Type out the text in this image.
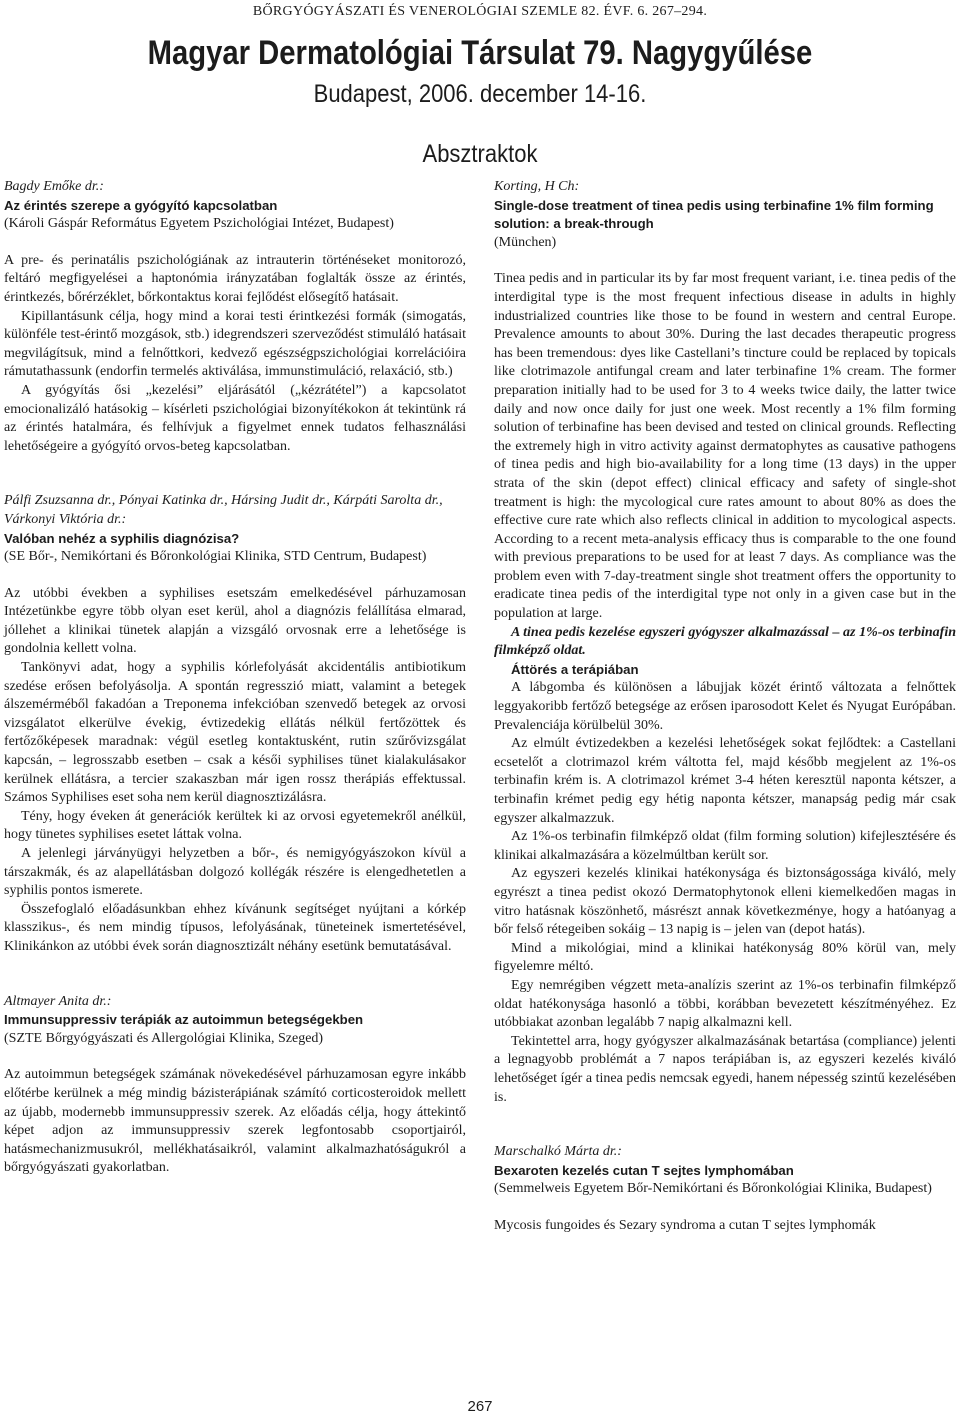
BŐRGYÓGYÁSZATI ÉS VENEROLÓGIAI SZEMLE 82. ÉVF. 6. 267–294.
Magyar Dermatológiai Társulat 79. Nagygyűlése
Budapest, 2006. december 14-16.
Absztraktok
Bagdy Emőke dr.:
Az érintés szerepe a gyógyító kapcsolatban
(Károli Gáspár Református Egyetem Pszichológiai Intézet, Budapest)

A pre- és perinatális pszichológiának az intrauterin történéseket monitorozó, feltáró megfigyelései a haptonómia irányzatában foglalták össze az érintés, érintkezés, bőrérzéklet, bőrkontaktus korai fejlődést elősegítő hatásait.

Kipillantásunk célja, hogy mind a korai testi érintkezési formák (simogatás, különféle test-érintő mozgások, stb.) idegrendszeri szerveződést stimuláló hatásait megvilágítsuk, mind a felnőttkori, kedvező egészségpszichológiai korrelációira rámutathassunk (endorfin termelés aktiválása, immunstimuláció, relaxáció, stb.)

A gyógyítás ősi „kezelési” eljárásától („kézrátétel”) a kapcsolatot emocionalizáló hatásokig – kísérleti pszichológiai bizonyítékokon át tekintünk rá az érintés hatalmára, és felhívjuk a figyelmet ennek tudatos felhasználási lehetőségeire a gyógyító orvos-beteg kapcsolatban.

Pálfi Zsuzsanna dr., Pónyai Katinka dr., Hársing Judit dr., Kárpáti Sarolta dr., Várkonyi Viktória dr.:
Valóban nehéz a syphilis diagnózisa?
(SE Bőr-, Nemikórtani és Bőronkológiai Klinika, STD Centrum, Budapest)

Az utóbbi években a syphilises esetszám emelkedésével párhuzamosan Intézetünkbe egyre több olyan eset kerül, ahol a diagnózis felállítása elmarad, jóllehet a klinikai tünetek alapján a vizsgáló orvosnak erre a lehetősége is gondolnia kellett volna.

Tankönyvi adat, hogy a syphilis kórlefolyását akcidentális antibiotikum szedése erősen befolyásolja. A spontán regresszió miatt, valamint a betegek álszemérméből fakadóan a Treponema infekcióban szenvedő betegek az orvosi vizsgálatot elkerülve évekig, évtizedekig ellátás nélkül fertőzöttek és fertőzőképesek maradnak: végül esetleg kontaktusként, rutin szűrővizsgálat kapcsán, – legrosszabb esetben – csak a késői syphilises tünet kialakulásakor kerülnek ellátásra, a tercier szakaszban már igen rossz therápiás effektussal. Számos Syphilises eset soha nem kerül diagnosztizálásra.

Tény, hogy éveken át generációk kerültek ki az orvosi egyetemekről anélkül, hogy tünetes syphilises esetet láttak volna.

A jelenlegi járványügyi helyzetben a bőr-, és nemigyógyászokon kívül a társzakmák, és az alapellátásban dolgozó kollégák részére is elengedhetetlen a syphilis pontos ismerete.

Összefoglaló előadásunkban ehhez kívánunk segítséget nyújtani a kórkép klasszikus-, és nem mindig típusos, lefolyásának, tüneteinek ismertetésével, Klinikánkon az utóbbi évek során diagnosztizált néhány esetünk bemutatásával.

Altmayer Anita dr.:
Immunsuppressiv terápiák az autoimmun betegségekben
(SZTE Bőrgyógyászati és Allergológiai Klinika, Szeged)

Az autoimmun betegségek számának növekedésével párhuzamosan egyre inkább előtérbe kerülnek a még mindig bázisterápiának számító corticosteroidok mellett az újabb, modernebb immunsuppressiv szerek. Az előadás célja, hogy áttekintő képet adjon az immunsuppressiv szerek legfontosabb csoportjairól, hatásmechanizmusukról, mellékhatásaikról, valamint alkalmazhatóságukról a bőrgyógyászati gyakorlatban.

Korting, H Ch:
Single-dose treatment of tinea pedis using terbinafine 1% film forming solution: a break-through
(München)

Tinea pedis and in particular its by far most frequent variant, i.e. tinea pedis of the interdigital type is the most frequent infectious disease in adults in highly industrialized countries like those to be found in western and central Europe. Prevalence amounts to about 30%. During the last decades therapeutic progress has been tremendous: dyes like Castellani’s tincture could be replaced by topicals like clotrimazole antifungal cream and later terbinafine 1% cream. The former preparation initially had to be used for 3 to 4 weeks twice daily, the latter twice daily and now once daily for just one week. Most recently a 1% film forming solution of terbinafine has been devised and tested on clinical grounds. Reflecting the extremely high in vitro activity against dermatophytes as causative pathogens of tinea pedis and high bio-availability for a long time (13 days) in the upper strata of the skin (depot effect) clinical efficacy and safety of single-shot treatment is high: the mycological cure rates amount to about 80% as does the effective cure rate which also reflects clinical in addition to mycological aspects. According to a recent meta-analysis efficacy thus is comparable to the one found with previous preparations to be used for at least 7 days. As compliance was the problem even with 7-day-treatment single shot treatment offers the opportunity to eradicate tinea pedis of the interdigital type not only in a given case but in the population at large.

A tinea pedis kezelése egyszeri gyógyszer alkalmazással – az 1%-os terbinafin filmképző oldat.

Áttörés a terápiában

A lábgomba és különösen a lábujjak közét érintő változata a felnőttek leggyakoribb fertőző betegsége az erősen iparosodott Kelet és Nyugat Európában. Prevalenciája körülbelül 30%.

Az elmúlt évtizedekben a kezelési lehetőségek sokat fejlődtek: a Castellani ecsetelőt a clotrimazol krém váltotta fel, majd később megjelent az 1%-os terbinafin krém is. A clotrimazol krémet 3-4 héten keresztül naponta kétszer, a terbinafin krémet pedig egy hétig naponta kétszer, manapság pedig már csak egyszer alkalmazzuk.

Az 1%-os terbinafin filmképző oldat (film forming solution) kifejlesztésére és klinikai alkalmazására a közelmúltban került sor.

Az egyszeri kezelés klinikai hatékonysága és biztonságossága kiváló, mely egyrészt a tinea pedist okozó Dermatophytonok elleni kiemelkedően magas in vitro hatásnak köszönhető, másrészt annak következménye, hogy a hatóanyag a bőr felső rétegeiben sokáig – 13 napig is – jelen van (depot hatás).

Mind a mikológiai, mind a klinikai hatékonyság 80% körül van, mely figyelemre méltó.

Egy nemrégiben végzett meta-analízis szerint az 1%-os terbinafin filmképző oldat hatékonysága hasonló a többi, korábban bevezetett készítményéhez. Ez utóbbiakat azonban legalább 7 napig alkalmazni kell.

Tekintettel arra, hogy gyógyszer alkalmazásának betartása (compliance) jelenti a legnagyobb problémát a 7 napos terápiában is, az egyszeri kezelés kiváló lehetőséget ígér a tinea pedis nemcsak egyedi, hanem népesség szintű kezelésében is.

Marschalkó Márta dr.:
Bexaroten kezelés cutan T sejtes lymphomában
(Semmelweis Egyetem Bőr-Nemikórtani és Bőronkológiai Klinika, Budapest)

Mycosis fungoides és Sezary syndroma a cutan T sejtes lymphomák

267
